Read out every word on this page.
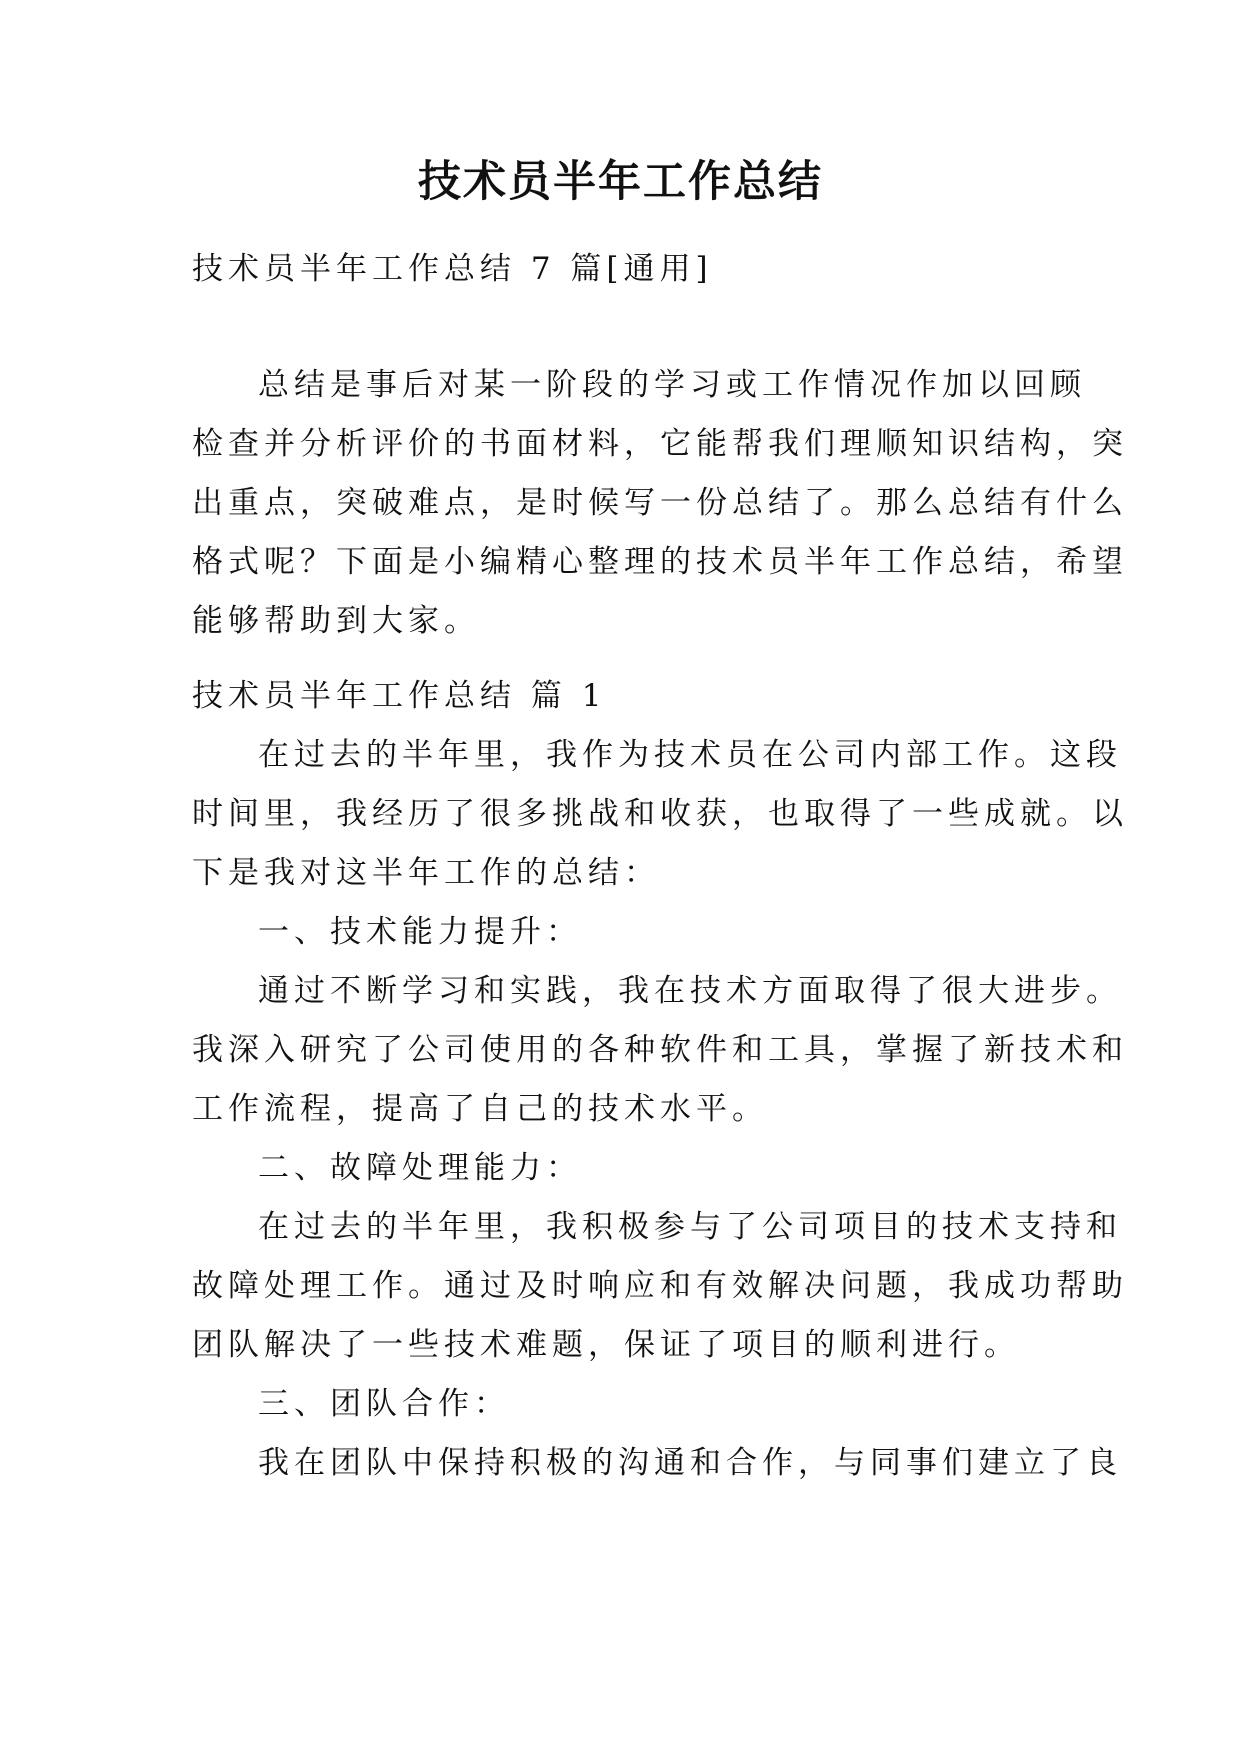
技术员半年工作总结
技术员半年工作总结 7 篇[通用]
总结是事后对某一阶段的学习或工作情况作加以回顾
检查并分析评价的书面材料，它能帮我们理顺知识结构，突
出重点，突破难点，是时候写一份总结了。那么总结有什么
格式呢？下面是小编精心整理的技术员半年工作总结，希望
能够帮助到大家。
技术员半年工作总结 篇 1
在过去的半年里，我作为技术员在公司内部工作。这段
时间里，我经历了很多挑战和收获，也取得了一些成就。以
下是我对这半年工作的总结：
一、技术能力提升：
通过不断学习和实践，我在技术方面取得了很大进步。
我深入研究了公司使用的各种软件和工具，掌握了新技术和
工作流程，提高了自己的技术水平。
二、故障处理能力：
在过去的半年里，我积极参与了公司项目的技术支持和
故障处理工作。通过及时响应和有效解决问题，我成功帮助
团队解决了一些技术难题，保证了项目的顺利进行。
三、团队合作：
我在团队中保持积极的沟通和合作，与同事们建立了良
